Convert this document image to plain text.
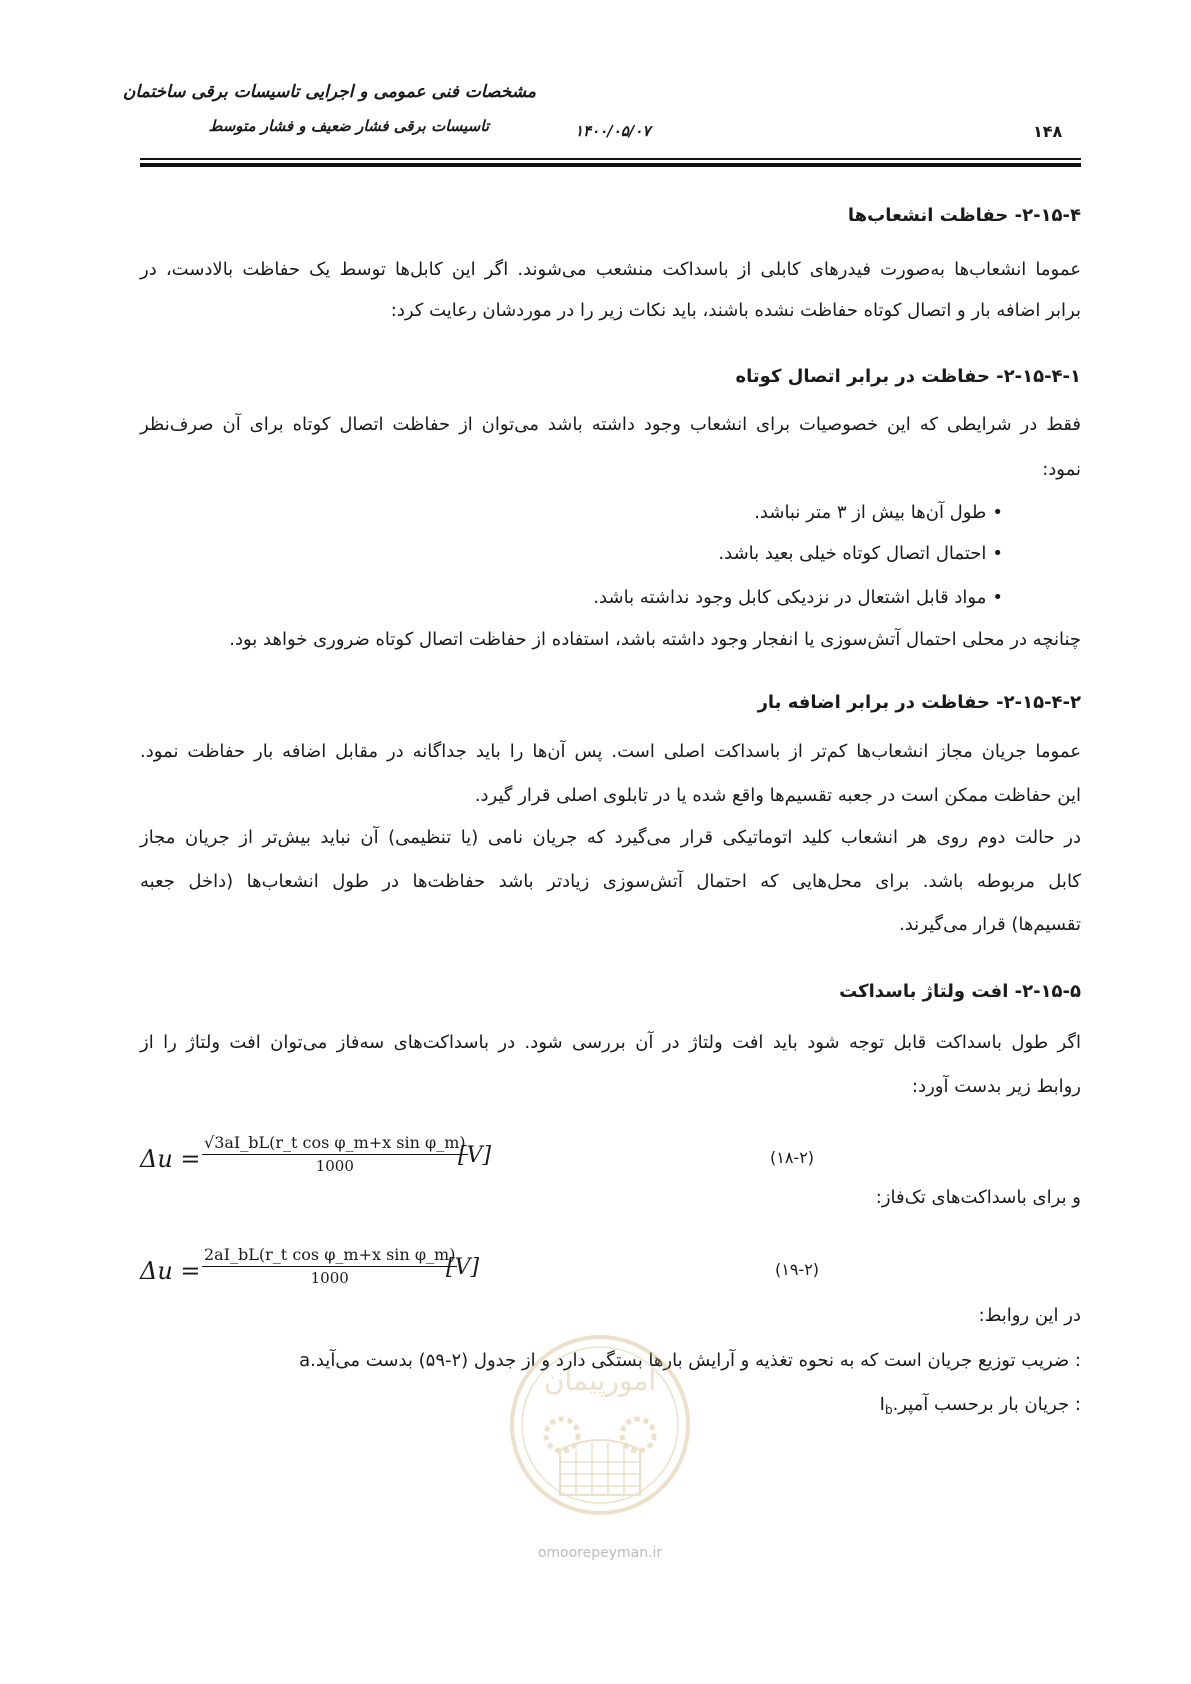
مشخصات فنی عمومی و اجرایی تاسیسات برقی ساختمان
تاسیسات برقی فشار ضعیف و فشار متوسط	۱۴۰۰/۰۵/۰۷	۱۴۸
۲-۱۵-۴- حفاظت انشعاب‌ها
عموما انشعاب‌ها به‌صورت فیدرهای کابلی از باسداکت منشعب می‌شوند. اگر این کابل‌ها توسط یک حفاظت بالادست، در
برابر اضافه بار و اتصال کوتاه حفاظت نشده باشند، باید نکات زیر را در موردشان رعایت کرد:
۲-۱۵-۴-۱- حفاظت در برابر اتصال کوتاه
فقط در شرایطی که این خصوصیات برای انشعاب وجود داشته باشد می‌توان از حفاظت اتصال کوتاه برای آن صرف‌نظر
نمود:
• طول آن‌ها بیش از ۳ متر نباشد.
• احتمال اتصال کوتاه خیلی بعید باشد.
• مواد قابل اشتعال در نزدیکی کابل وجود نداشته باشد.
چنانچه در محلی احتمال آتش‌سوزی یا انفجار وجود داشته باشد، استفاده از حفاظت اتصال کوتاه ضروری خواهد بود.
۲-۱۵-۴-۲- حفاظت در برابر اضافه بار
عموما جریان مجاز انشعاب‌ها کم‌تر از باسداکت اصلی است. پس آن‌ها را باید جداگانه در مقابل اضافه بار حفاظت نمود.
این حفاظت ممکن است در جعبه تقسیم‌ها واقع شده یا در تابلوی اصلی قرار گیرد.
در حالت دوم روی هر انشعاب کلید اتوماتیکی قرار می‌گیرد که جریان نامی (یا تنظیمی) آن نباید بیش‌تر از جریان مجاز
کابل مربوطه باشد. برای محل‌هایی که احتمال آتش‌سوزی زیادتر باشد حفاظت‌ها در طول انشعاب‌ها (داخل جعبه
تقسیم‌ها) قرار می‌گیرند.
۲-۱۵-۵- افت ولتاژ باسداکت
اگر طول باسداکت قابل توجه شود باید افت ولتاژ در آن بررسی شود. در باسداکت‌های سه‌فاز می‌توان افت ولتاژ را از
روابط زیر بدست آورد:
$\Delta u = \frac{\text{√3aI\_bL(r\_t cos φ\_m+x sin φ\_m)}}{1000}$
[V]	(۱۸-۲)
و برای باسداکت‌های تک‌فاز:
$\Delta u = \frac{\text{2aI\_bL(r\_t cos φ\_m+x sin φ\_m)}}{1000}$
[V]	(۱۹-۲)
در این روابط:
: ضریب توزیع جریان است که به نحوه تغذیه و آرایش بارها بستگی دارد و از جدول (۲-۵۹) بدست می‌آید.a
: جریان بار برحسب $آمپر.I_b$
امورپیمان
omoorepeyman.ir
